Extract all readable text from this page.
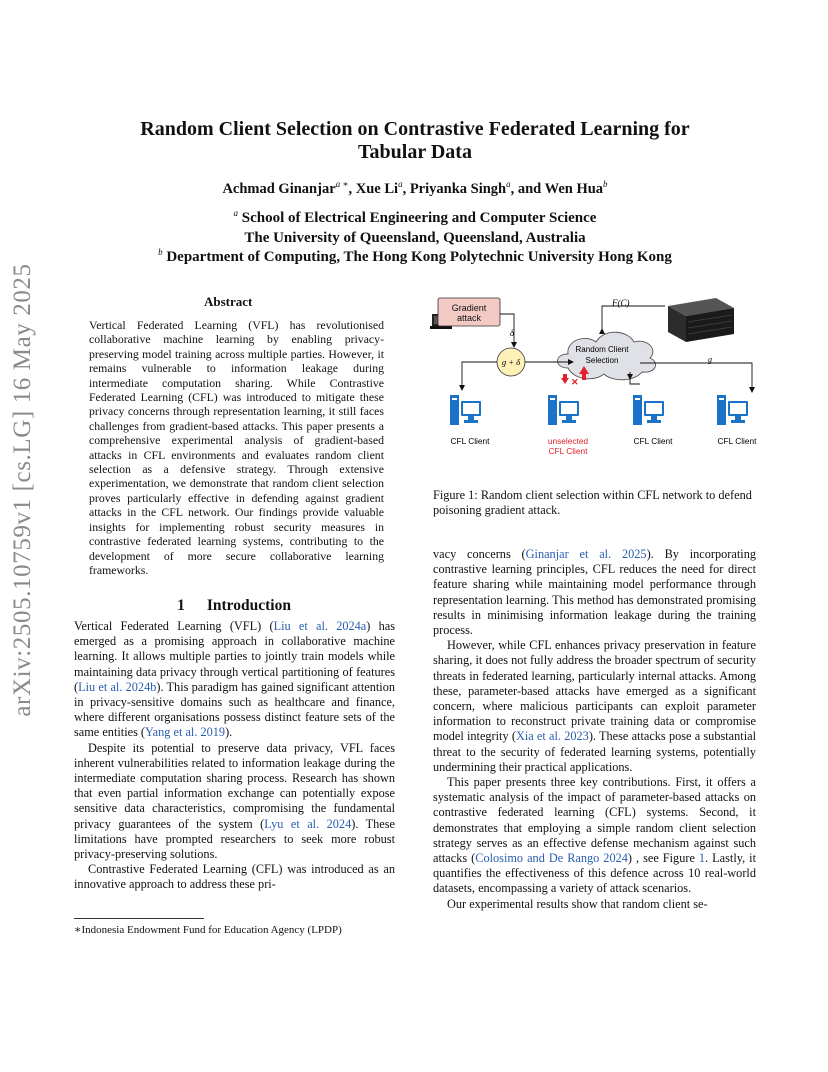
arXiv:2505.10759v1 [cs.LG] 16 May 2025
Random Client Selection on Contrastive Federated Learning for
Tabular Data
Achmad Ginanjar$^{a ∗}$, Xue Li$^a$, Priyanka Singh$^a$, and Wen Hua$^b$
$^a$ School of Electrical Engineering and Computer Science
The University of Queensland, Queensland, Australia
$^b$ Department of Computing, The Hong Kong Polytechnic University Hong Kong
Abstract
Vertical Federated Learning (VFL) has revolutionised collaborative machine learning by enabling privacy-preserving model training across multiple parties. However, it remains vulnerable to information leakage during intermediate computation sharing. While Contrastive Federated Learning (CFL) was introduced to mitigate these privacy concerns through representation learning, it still faces challenges from gradient-based attacks. This paper presents a comprehensive experimental analysis of gradient-based attacks in CFL environments and evaluates random client selection as a defensive strategy. Through extensive experimentation, we demonstrate that random client selection proves particularly effective in defending against gradient attacks in the CFL network. Our findings provide valuable insights for implementing robust security measures in contrastive federated learning systems, contributing to the development of more secure collaborative learning frameworks.
1 Introduction

Vertical Federated Learning (VFL) (Liu et al. 2024a) has emerged as a promising approach in collaborative machine learning. It allows multiple parties to jointly train models while maintaining data privacy through vertical partitioning of features (Liu et al. 2024b). This paradigm has gained significant attention in privacy-sensitive domains such as healthcare and finance, where different organisations possess distinct feature sets of the same entities (Yang et al. 2019).

Despite its potential to preserve data privacy, VFL faces inherent vulnerabilities related to information leakage during the intermediate computation sharing process. Research has shown that even partial information exchange can potentially expose sensitive data characteristics, compromising the fundamental privacy guarantees of the system (Lyu et al. 2024). These limitations have prompted researchers to seek more robust privacy-preserving solutions.

Contrastive Federated Learning (CFL) was introduced as an innovative approach to address these pri-

∗Indonesia Endowment Fund for Education Agency (LPDP)
Gradient
attack
δ
g + δ
Random Client
Selection
F(C)
g
✕
CFL Client	unselected
CFL Client
CFL Client	CFL Client
Figure 1: Random client selection within CFL network to defend poisoning gradient attack.

vacy concerns (Ginanjar et al. 2025). By incorporating contrastive learning principles, CFL reduces the need for direct feature sharing while maintaining model performance through representation learning. This method has demonstrated promising results in minimising information leakage during the training process.

However, while CFL enhances privacy preservation in feature sharing, it does not fully address the broader spectrum of security threats in federated learning, particularly internal attacks. Among these, parameter-based attacks have emerged as a significant concern, where malicious participants can exploit parameter information to reconstruct private training data or compromise model integrity (Xia et al. 2023). These attacks pose a substantial threat to the security of federated learning systems, potentially undermining their practical applications.

This paper presents three key contributions. First, it offers a systematic analysis of the impact of parameter-based attacks on contrastive federated learning (CFL) systems. Second, it demonstrates that employing a simple random client selection strategy serves as an effective defense mechanism against such attacks (Colosimo and De Rango 2024) , see Figure 1. Lastly, it quantifies the effectiveness of this defence across 10 real-world datasets, encompassing a variety of attack scenarios.

Our experimental results show that random client se-
